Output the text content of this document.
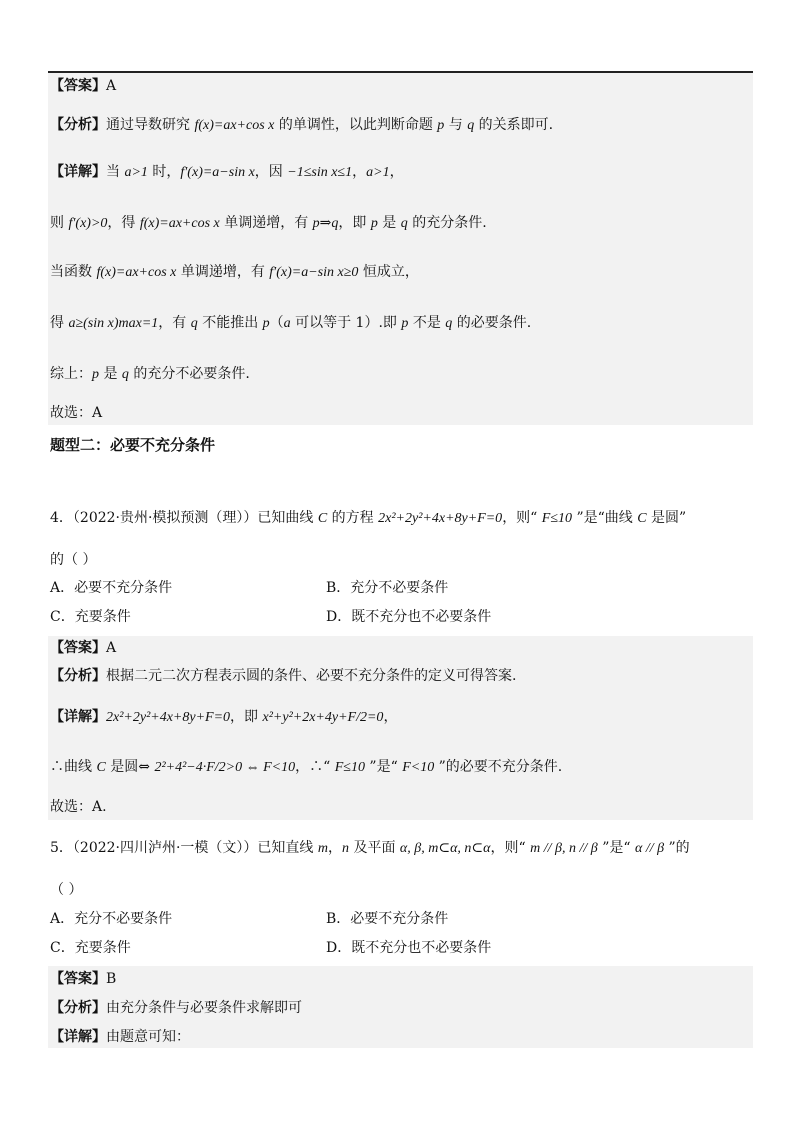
【答案】A
【分析】通过导数研究 f(x)=ax+cos x 的单调性，以此判断命题 p 与 q 的关系即可.
【详解】当 a>1 时，f′(x)=a−sin x，因 −1≤sin x≤1，a>1，
则 f′(x)>0，得 f(x)=ax+cos x 单调递增，有 p⇒q，即 p 是 q 的充分条件.
当函数 f(x)=ax+cos x 单调递增，有 f′(x)=a−sin x≥0 恒成立，
得 a≥(sin x)max=1，有 q 不能推出 p（a 可以等于 1）.即 p 不是 q 的必要条件.
综上：p 是 q 的充分不必要条件.
故选：A
题型二：必要不充分条件
4．（2022·贵州·模拟预测（理））已知曲线 C 的方程 2x²+2y²+4x+8y+F=0，则“ F≤10 ”是“曲线 C 是圆”
的（ ）
A．必要不充分条件	B．充分不必要条件
C．充要条件	D．既不充分也不必要条件
【答案】A
【分析】根据二元二次方程表示圆的条件、必要不充分条件的定义可得答案.
【详解】2x²+2y²+4x+8y+F=0，即 x²+y²+2x+4y+F/2=0，
∴曲线 C 是圆⇔ 2²+4²−4·F/2>0 ⇔ F<10，∴“ F≤10 ”是“ F<10 ”的必要不充分条件.
故选：A.
5．（2022·四川泸州·一模（文））已知直线 m，n 及平面 α, β, m⊂α, n⊂α，则“ m // β, n // β ”是“ α // β ”的
（ ）
A．充分不必要条件	B．必要不充分条件
C．充要条件	D．既不充分也不必要条件
【答案】B
【分析】由充分条件与必要条件求解即可
【详解】由题意可知：
